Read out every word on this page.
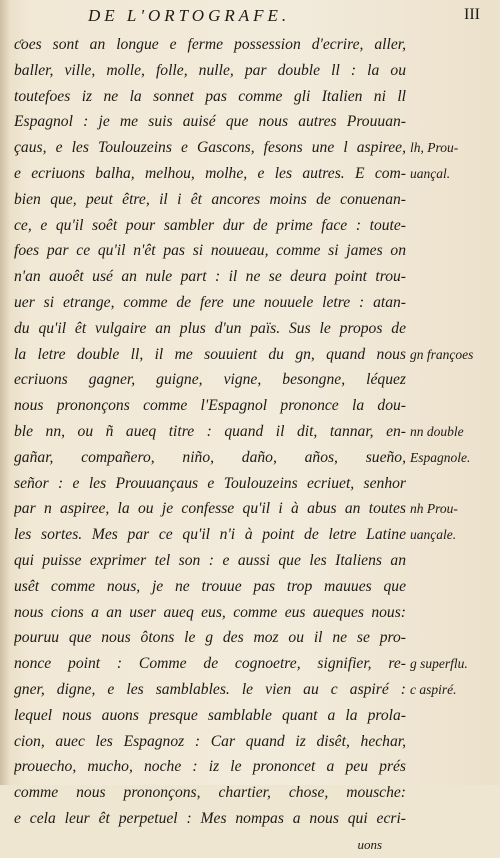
DE L'ORTOGRAFE.	III
ƈoes sont an longue e ferme possession d'ecrire, aller,
baller, ville, molle, folle, nulle, par double ll : la ou
toutefoes iz ne la sonnet pas comme gli Italien ni ll
Espagnol : je me suis auisé que nous autres Prouuan-
çaus, e les Toulouzeins e Gascons, fesons une l aspiree,
e ecriuons balha, melhou, molhe, e les autres. E com-
bien que, peut être, il i êt ancores moins de conuenan-
ce, e qu'il soêt pour sambler dur de prime face : toute-
foes par ce qu'il n'êt pas si nouueau, comme si james on
n'an auoêt usé an nule part : il ne se deura point trou-
uer si etrange, comme de fere une nouuele letre : atan-
du qu'il êt vulgaire an plus d'un païs. Sus le propos de
la letre double ll, il me souuient du gn, quand nous
ecriuons gagner, guigne, vigne, besongne, léquez
nous prononçons comme l'Espagnol prononce la dou-
ble nn, ou ñ aueq titre : quand il dit, tannar, en-
gañar, compañero, niño, daño, años, sueño,
señor : e les Prouuançaus e Toulouzeins ecriuet, senhor
par n aspiree, la ou je confesse qu'il i à abus an toutes
les sortes. Mes par ce qu'il n'i à point de letre Latine
qui puisse exprimer tel son : e aussi que les Italiens an
usêt comme nous, je ne trouue pas trop mauues que
nous cions a an user aueq eus, comme eus aueques nous:
pouruu que nous ôtons le g des moz ou il ne se pro-
nonce point : Comme de cognoetre, signifier, re-
gner, digne, e les samblables. le vien au c aspiré :
lequel nous auons presque samblable quant a la prola-
cion, auec les Espagnoz : Car quand iz disêt, hechar,
prouecho, mucho, noche : iz le prononcet a peu prés
comme nous prononçons, chartier, chose, mousche:
e cela leur êt perpetuel : Mes nompas a nous qui ecri-
uons
lh, Prou-
uançal.
gn françoes
nn double
Espagnole.
nh Prou-
uançale.
g superflu.
c aspiré.
